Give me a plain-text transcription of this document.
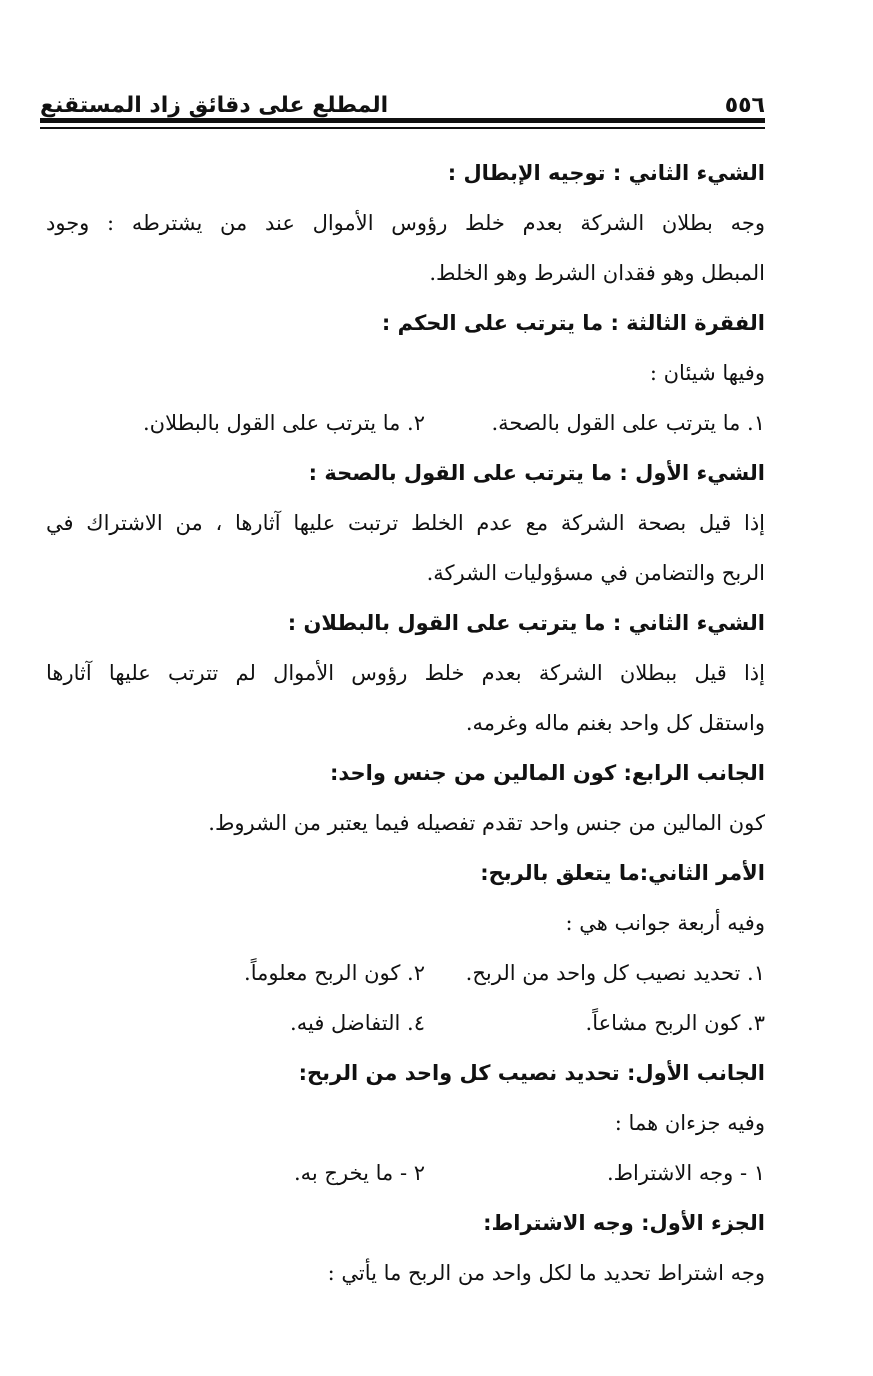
٥٥٦
المطلع على دقائق زاد المستقنع
الشيء الثاني : توجيه الإبطال :
وجه بطلان الشركة بعدم خلط رؤوس الأموال عند من يشترطه : وجود
المبطل وهو فقدان الشرط وهو الخلط.
الفقرة الثالثة : ما يترتب على الحكم :
وفيها شيئان :
١. ما يترتب على القول بالصحة.
٢. ما يترتب على القول بالبطلان.
الشيء الأول : ما يترتب على القول بالصحة :
إذا قيل بصحة الشركة مع عدم الخلط ترتبت عليها آثارها ، من الاشتراك في
الربح والتضامن في مسؤوليات الشركة.
الشيء الثاني : ما يترتب على القول بالبطلان :
إذا قيل ببطلان الشركة بعدم خلط رؤوس الأموال لم تترتب عليها آثارها
واستقل كل واحد بغنم ماله وغرمه.
الجانب الرابع: كون المالين من جنس واحد:
كون المالين من جنس واحد تقدم تفصيله فيما يعتبر من الشروط.
الأمر الثاني:ما يتعلق بالربح:
وفيه أربعة جوانب هي :
١. تحديد نصيب كل واحد من الربح.
٢. كون الربح معلوماً.
٣. كون الربح مشاعاً.
٤. التفاضل فيه.
الجانب الأول: تحديد نصيب كل واحد من الربح:
وفيه جزءان هما :
١ - وجه الاشتراط.
٢ - ما يخرج به.
الجزء الأول: وجه الاشتراط:
وجه اشتراط تحديد ما لكل واحد من الربح ما يأتي :
